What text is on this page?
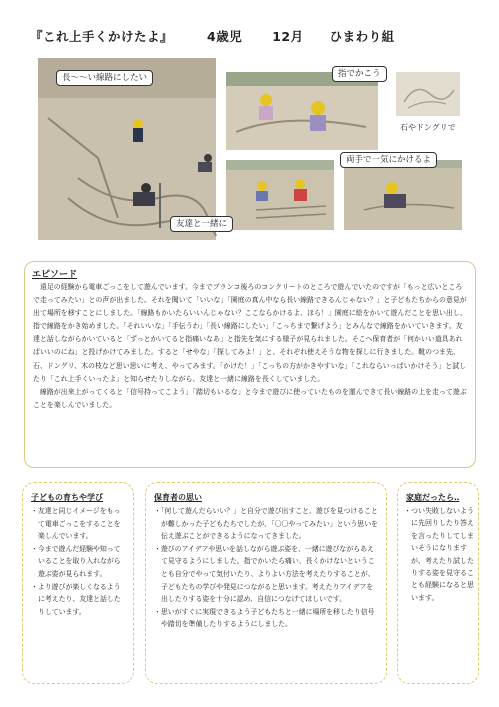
『これ上手くかけたよ』	4歳児 12月 ひまわり組
長〜〜い線路にしたい	指でかこう
石やドングリで
友達と一緒に
両手で一気にかけるよ
エピソード

遠足の経験から電車ごっこをして遊んでいます。今までブランコ後ろのコンクリートのところで遊んでいたのですが「もっと広いところで走ってみたい」との声が出ました。それを聞いて「いいな」「園庭の真ん中なら長い線路できるんじゃない？」と子どもたちからの意見が出て場所を移すことにしました。「線路もかいたらいいんじゃない？ここならかけるよ、ほら！」園庭に絵をかいて遊んだことを思い出し、指で線路をかき始めました。「それいいな」「手伝うわ」「長い線路にしたい」「こっちまで繋げよう」とみんなで線路をかいていきます。友達と話しながらかいていると「ずっとかいてると指痛いなあ」と指先を気にする様子が見られました。そこへ保育者が「何かいい道具あればいいのにね」と投げかけてみました。すると「せやな」「探してみよ！」と、それぞれ使えそうな物を探しに行きました。靴のつま先、石、ドングリ、木の枝など思い思いに考え、やってみます。「かけた！」「こっちの方がかきやすいな」「これならいっぱいかけそう」と試したり「これ上手くいったよ」と知らせたりしながら、友達と一緒に線路を長くしていました。

線路が出来上がってくると「信号持ってこよう」「踏切もいるな」と今まで遊びに使っていたものを運んできて長い線路の上を走って遊ぶことを楽しんでいました。

子どもの育ちや学び
・友達と同じイメージをもって電車ごっこをすることを楽しんでいます。
・今まで遊んだ経験や知っていることを取り入れながら遊ぶ姿が見られます。
・より遊びが楽しくなるように考えたり、友達と話したりしています。
保育者の思い
・「何して遊んだらいい？」と自分で遊び出すこと、遊びを見つけることが難しかった子どもたちでしたが、「〇〇やってみたい」という思いを伝え遊ぶことができるようになってきました。
・遊びのアイデアや思いを話しながら遊ぶ姿を、一緒に遊びながらあえて見守るようにしました。指でかいたら痛い、長くかけないということも自分でやって気付いたり、よりよい方法を考えたりすることが、子どもたちの学びや発見につながると思います。考えたりアイデアを出したりする姿を十分に認め、自信につなげてほしいです。
・思いがすぐに実現できるよう子どもたちと一緒に場所を移したり信号や踏切を準備したりするようにしました。
家庭だったら‥
・つい失敗しないように先回りしたり答えを言ったりしてしまいそうになりますが、考えたり試したりする姿を見守ることも経験になると思います。
